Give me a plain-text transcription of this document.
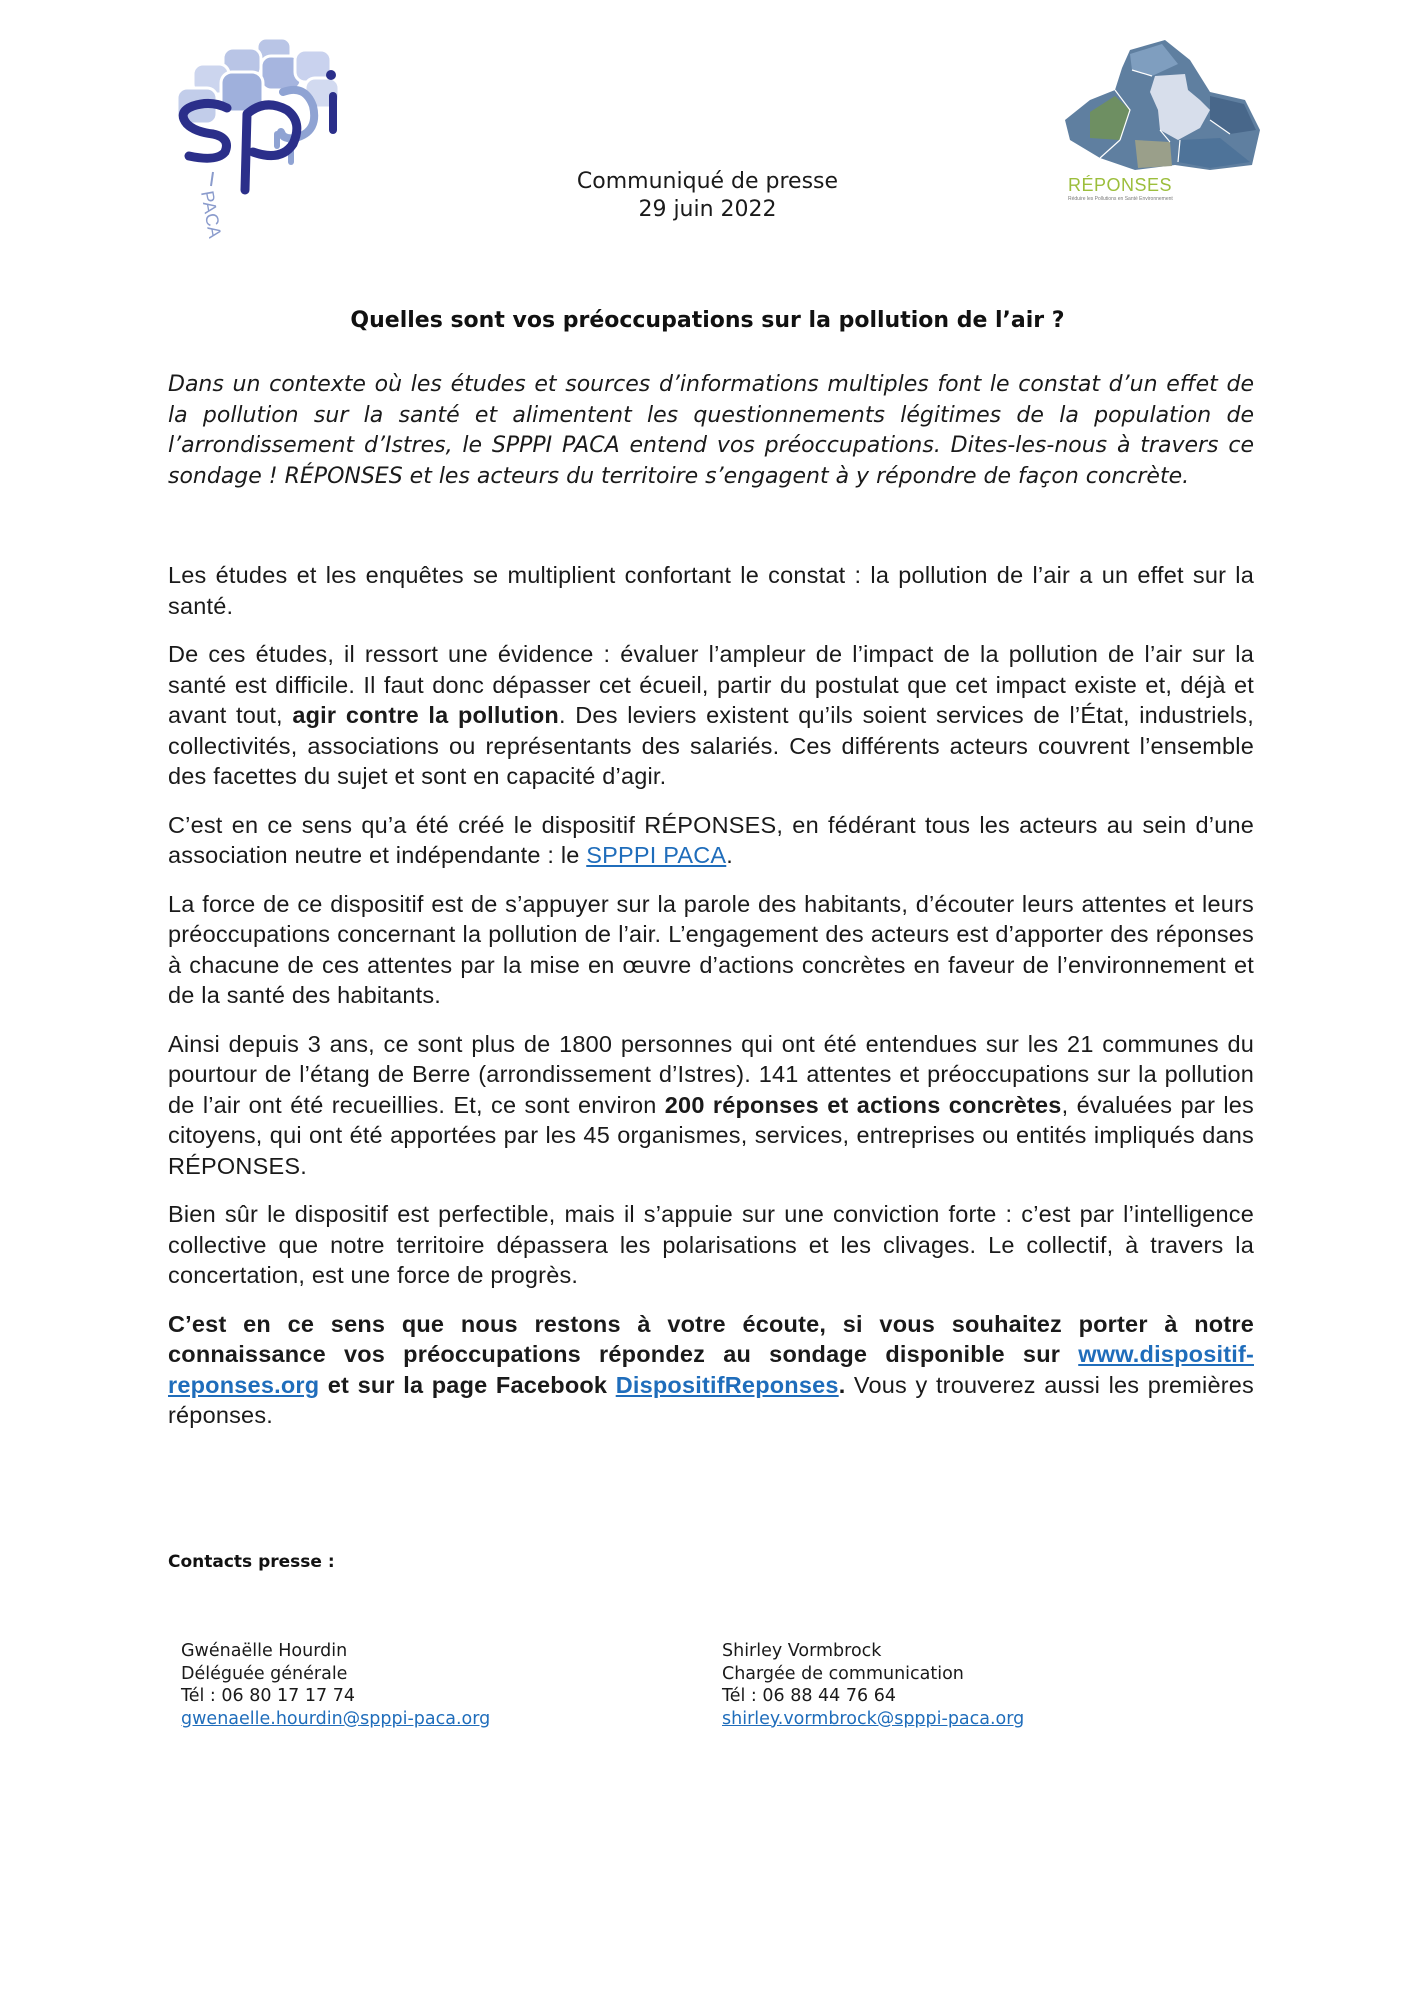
PACA
RÉPONSES
Réduire les Pollutions en Santé Environnement
Communiqué de presse
29 juin 2022
Quelles sont vos préoccupations sur la pollution de l’air ?
Dans un contexte où les études et sources d’informations multiples font le constat d’un effet de la pollution sur la santé et alimentent les questionnements légitimes de la population de l’arrondissement d’Istres, le SPPPI PACA entend vos préoccupations. Dites-les-nous à travers ce sondage ! RÉPONSES et les acteurs du territoire s’engagent à y répondre de façon concrète.

Les études et les enquêtes se multiplient confortant le constat : la pollution de l’air a un effet sur la santé.

De ces études, il ressort une évidence : évaluer l’ampleur de l’impact de la pollution de l’air sur la santé est difficile. Il faut donc dépasser cet écueil, partir du postulat que cet impact existe et, déjà et avant tout, agir contre la pollution. Des leviers existent qu’ils soient services de l’État, industriels, collectivités, associations ou représentants des salariés. Ces différents acteurs couvrent l’ensemble des facettes du sujet et sont en capacité d’agir.

C’est en ce sens qu’a été créé le dispositif RÉPONSES, en fédérant tous les acteurs au sein d’une association neutre et indépendante : le SPPPI PACA.

La force de ce dispositif est de s’appuyer sur la parole des habitants, d’écouter leurs attentes et leurs préoccupations concernant la pollution de l’air. L’engagement des acteurs est d’apporter des réponses à chacune de ces attentes par la mise en œuvre d’actions concrètes en faveur de l’environnement et de la santé des habitants.

Ainsi depuis 3 ans, ce sont plus de 1800 personnes qui ont été entendues sur les 21 communes du pourtour de l’étang de Berre (arrondissement d’Istres). 141 attentes et préoccupations sur la pollution de l’air ont été recueillies. Et, ce sont environ 200 réponses et actions concrètes, évaluées par les citoyens, qui ont été apportées par les 45 organismes, services, entreprises ou entités impliqués dans RÉPONSES.

Bien sûr le dispositif est perfectible, mais il s’appuie sur une conviction forte : c’est par l’intelligence collective que notre territoire dépassera les polarisations et les clivages. Le collectif, à travers la concertation, est une force de progrès.

C’est en ce sens que nous restons à votre écoute, si vous souhaitez porter à notre connaissance vos préoccupations répondez au sondage disponible sur www.dispositif-reponses.org et sur la page Facebook DispositifReponses. Vous y trouverez aussi les premières réponses.

Contacts presse :
Gwénaëlle Hourdin
Déléguée générale
Tél : 06 80 17 17 74
gwenaelle.hourdin@spppi-paca.org
Shirley Vormbrock
Chargée de communication
Tél : 06 88 44 76 64
shirley.vormbrock@spppi-paca.org
